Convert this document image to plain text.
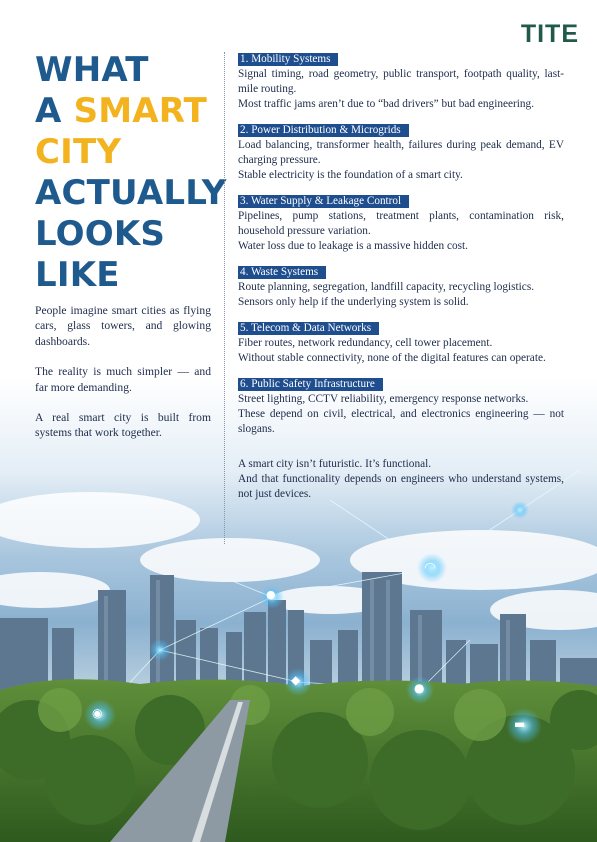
◠
●
◉
◆
●
▬
TITE
WHAT
A SMART
CITY
ACTUALLY
LOOKS
LIKE

People imagine smart cities as flying cars, glass towers, and glowing dashboards.

The reality is much simpler — and far more demanding.

A real smart city is built from systems that work together.

1. Mobility Systems

Signal timing, road geometry, public transport, footpath quality, last-mile routing.

Most traffic jams aren’t due to “bad drivers” but bad engineering.

2. Power Distribution & Microgrids

Load balancing, transformer health, failures during peak demand, EV charging pressure.

Stable electricity is the foundation of a smart city.

3. Water Supply & Leakage Control

Pipelines, pump stations, treatment plants, contamination risk, household pressure variation.

Water loss due to leakage is a massive hidden cost.

4. Waste Systems

Route planning, segregation, landfill capacity, recycling logistics.

Sensors only help if the underlying system is solid.

5. Telecom & Data Networks

Fiber routes, network redundancy, cell tower placement.

Without stable connectivity, none of the digital features can operate.

6. Public Safety Infrastructure

Street lighting, CCTV reliability, emergency response networks.

These depend on civil, electrical, and electronics engineering — not slogans.

A smart city isn’t futuristic. It’s functional.

And that functionality depends on engineers who understand systems, not just devices.
